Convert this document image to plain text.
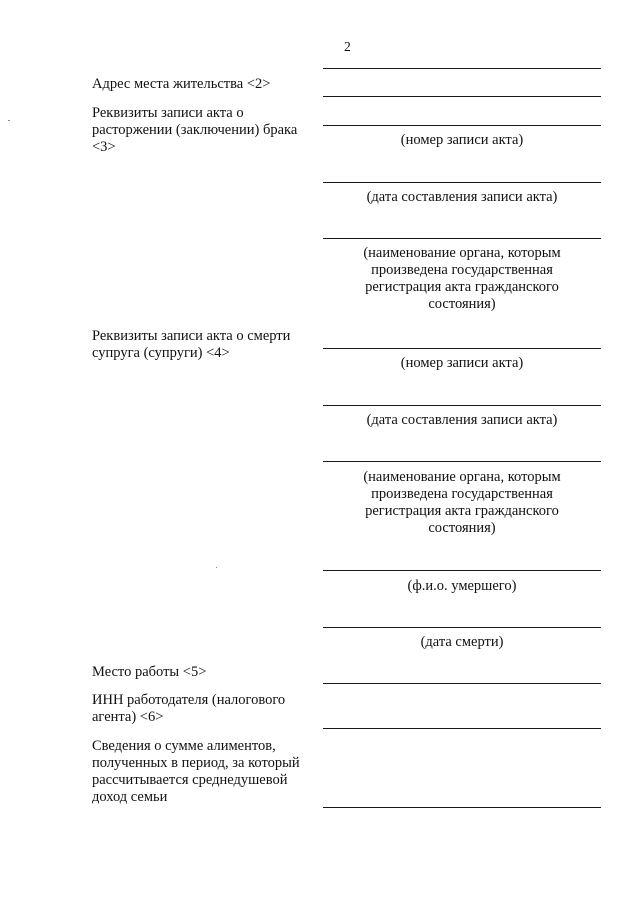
2
Адрес места жительства <2>
Реквизиты записи акта о
расторжении (заключении) брака
<3>	(номер записи акта)
(дата составления записи акта)
(наименование органа, которым
произведена государственная
регистрация акта гражданского
состояния)
Реквизиты записи акта о смерти
супруга (супруги) <4>
(номер записи акта)
(дата составления записи акта)
(наименование органа, которым
произведена государственная
регистрация акта гражданского
состояния)
(ф.и.о. умершего)
(дата смерти)
Место работы <5>
ИНН работодателя (налогового
агента) <6>
Сведения о сумме алиментов,
полученных в период, за который
рассчитывается среднедушевой
доход семьи
